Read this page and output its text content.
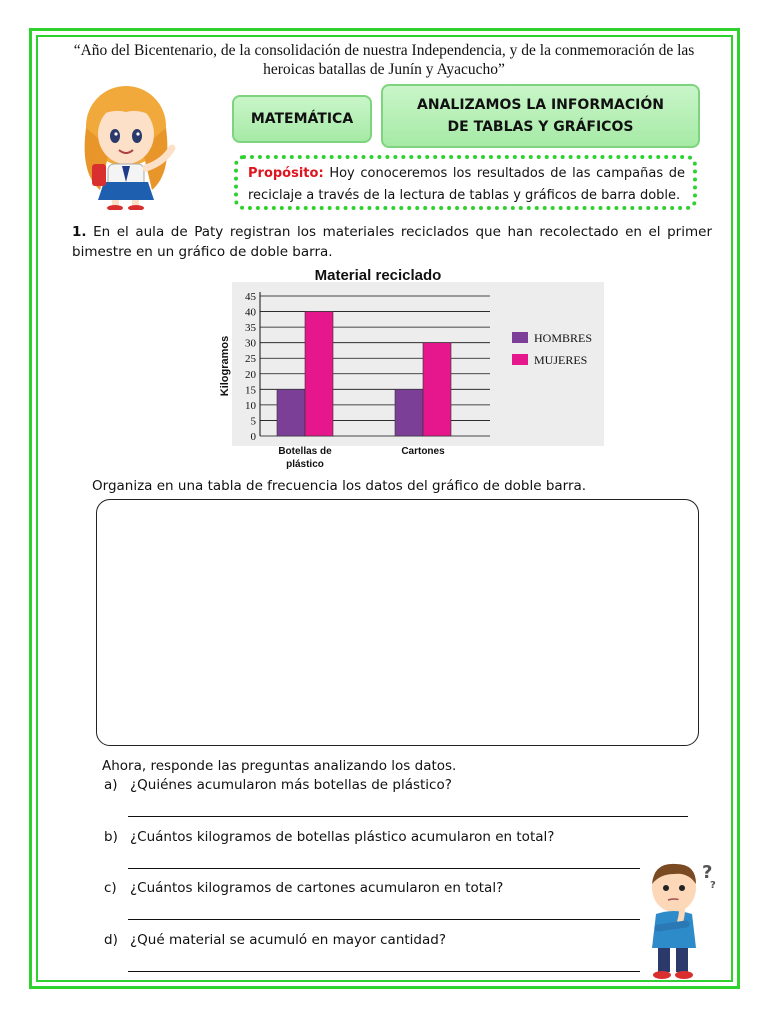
“Año del Bicentenario, de la consolidación de nuestra Independencia, y de la conmemoración de las heroicas batallas de Junín y Ayacucho”
MATEMÁTICA
ANALIZAMOS LA INFORMACIÓN
DE TABLAS Y GRÁFICOS
Propósito: Hoy conoceremos los resultados de las campañas de reciclaje a través de la lectura de tablas y gráficos de barra doble.
1. En el aula de Paty registran los materiales reciclados que han recolectado en el primer bimestre en un gráfico de doble barra.
Material reciclado
0
5
10
15
20
25
30
35
40
45
Kilogramos
Botellas de
plástico
Cartones
HOMBRES
MUJERES
Organiza en una tabla de frecuencia los datos del gráfico de doble barra.
Ahora, responde las preguntas analizando los datos.
a) ¿Quiénes acumularon más botellas de plástico?
b) ¿Cuántos kilogramos de botellas plástico acumularon en total?
c) ¿Cuántos kilogramos de cartones acumularon en total?
d) ¿Qué material se acumuló en mayor cantidad?
?
?
